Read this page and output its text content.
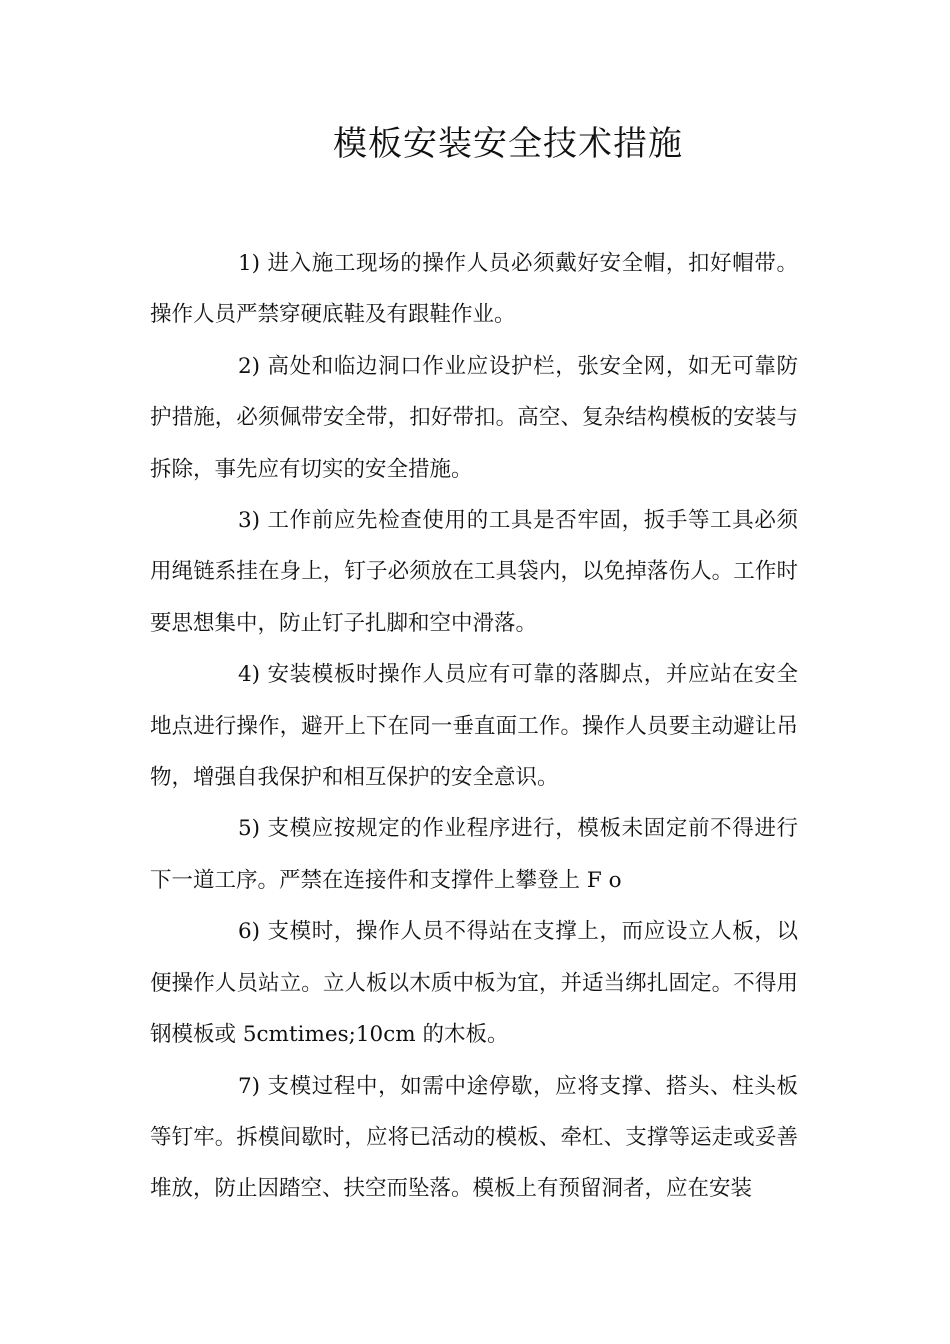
模板安装安全技术措施

1) 进入施工现场的操作人员必须戴好安全帽，扣好帽带。操作人员严禁穿硬底鞋及有跟鞋作业。

2) 高处和临边洞口作业应设护栏，张安全网，如无可靠防护措施，必须佩带安全带，扣好带扣。高空、复杂结构模板的安装与拆除，事先应有切实的安全措施。

3) 工作前应先检查使用的工具是否牢固，扳手等工具必须用绳链系挂在身上，钉子必须放在工具袋内，以免掉落伤人。工作时要思想集中，防止钉子扎脚和空中滑落。

4) 安装模板时操作人员应有可靠的落脚点，并应站在安全地点进行操作，避开上下在同一垂直面工作。操作人员要主动避让吊物，增强自我保护和相互保护的安全意识。

5) 支模应按规定的作业程序进行，模板未固定前不得进行下一道工序。严禁在连接件和支撑件上攀登上 F o

6) 支模时，操作人员不得站在支撑上，而应设立人板，以便操作人员站立。立人板以木质中板为宜，并适当绑扎固定。不得用钢模板或 5cmtimes;10cm 的木板。

7) 支模过程中，如需中途停歇，应将支撑、搭头、柱头板等钉牢。拆模间歇时，应将已活动的模板、牵杠、支撑等运走或妥善堆放，防止因踏空、扶空而坠落。模板上有预留洞者，应在安装
